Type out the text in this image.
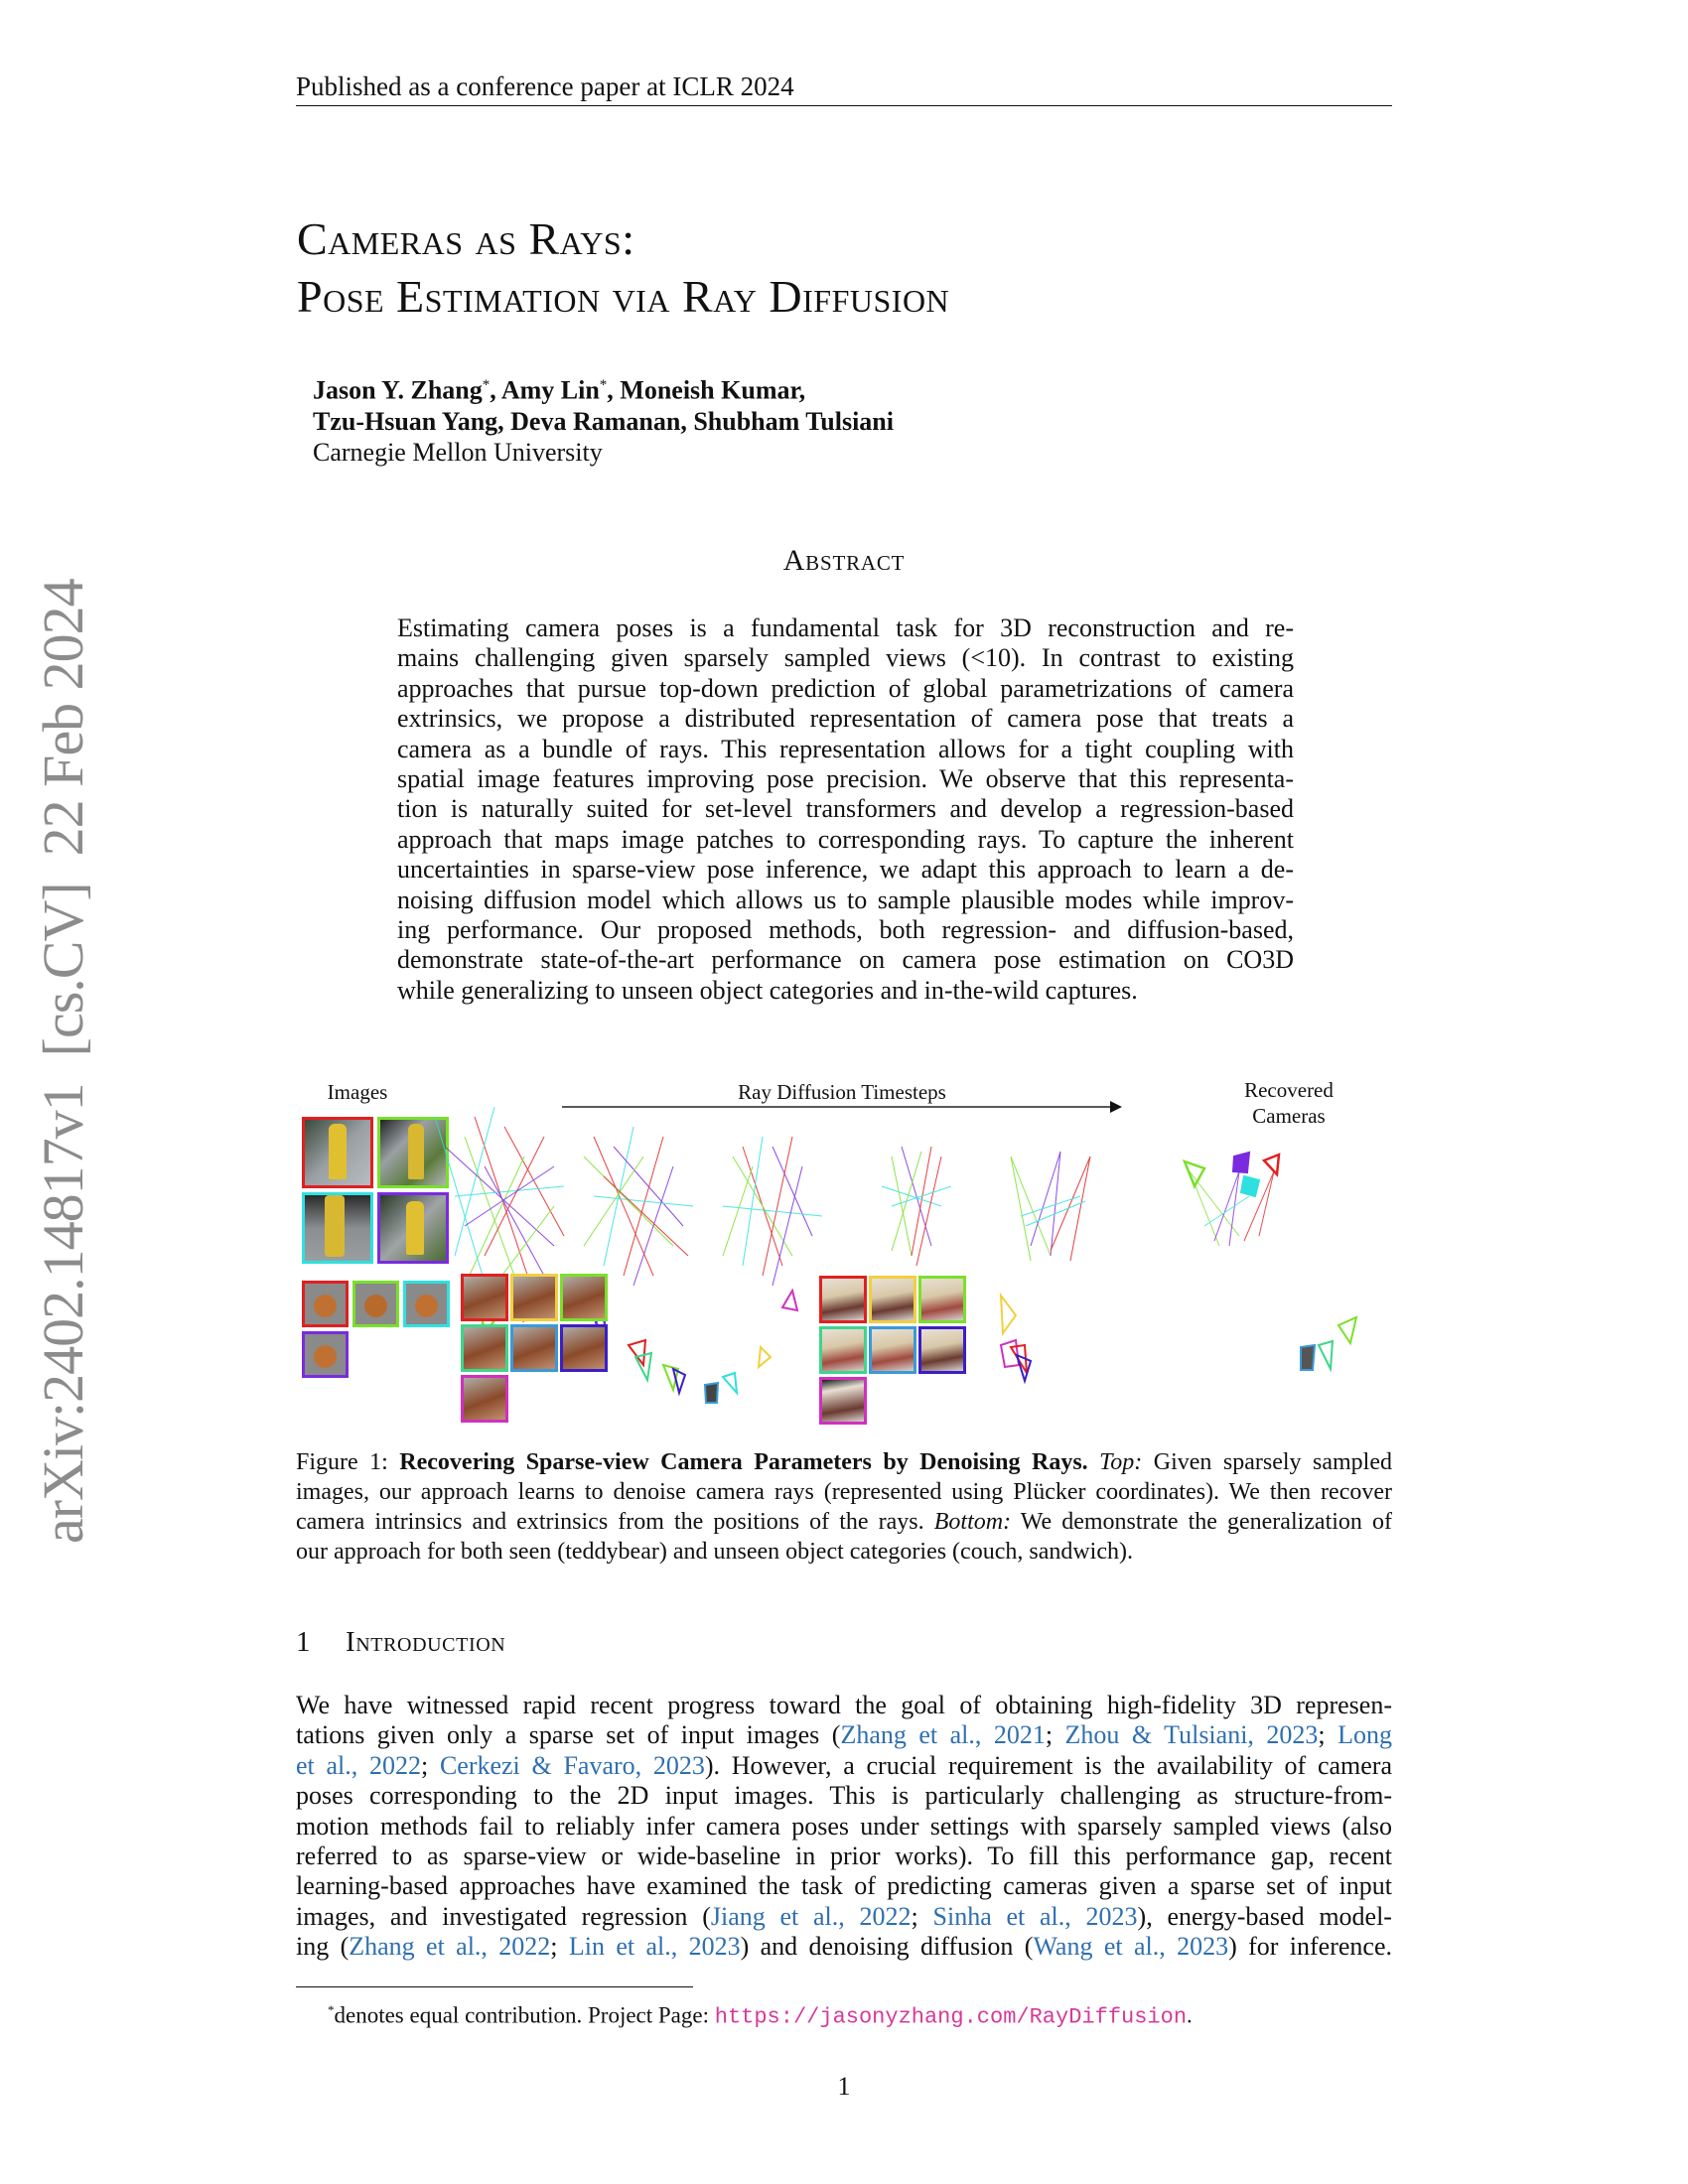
Published as a conference paper at ICLR 2024
arXiv:2402.14817v1  [cs.CV]  22 Feb 2024
Cameras as Rays:
Pose Estimation via Ray Diffusion
Jason Y. Zhang*, Amy Lin*, Moneish Kumar,
Tzu-Hsuan Yang, Deva Ramanan, Shubham Tulsiani
Carnegie Mellon University
Abstract
Estimating camera poses is a fundamental task for 3D reconstruction and re-
mains challenging given sparsely sampled views (<10). In contrast to existing
approaches that pursue top-down prediction of global parametrizations of camera
extrinsics, we propose a distributed representation of camera pose that treats a
camera as a bundle of rays. This representation allows for a tight coupling with
spatial image features improving pose precision. We observe that this representa-
tion is naturally suited for set-level transformers and develop a regression-based
approach that maps image patches to corresponding rays. To capture the inherent
uncertainties in sparse-view pose inference, we adapt this approach to learn a de-
noising diffusion model which allows us to sample plausible modes while improv-
ing performance. Our proposed methods, both regression- and diffusion-based,
demonstrate state-of-the-art performance on camera pose estimation on CO3D
while generalizing to unseen object categories and in-the-wild captures.
Images	Ray Diffusion Timesteps	Recovered
Cameras
Figure 1: Recovering Sparse-view Camera Parameters by Denoising Rays. Top: Given sparsely sampled
images, our approach learns to denoise camera rays (represented using Plücker coordinates). We then recover
camera intrinsics and extrinsics from the positions of the rays. Bottom: We demonstrate the generalization of
our approach for both seen (teddybear) and unseen object categories (couch, sandwich).
1 Introduction
We have witnessed rapid recent progress toward the goal of obtaining high-fidelity 3D represen-
tations given only a sparse set of input images (Zhang et al., 2021; Zhou & Tulsiani, 2023; Long
et al., 2022; Cerkezi & Favaro, 2023). However, a crucial requirement is the availability of camera
poses corresponding to the 2D input images. This is particularly challenging as structure-from-
motion methods fail to reliably infer camera poses under settings with sparsely sampled views (also
referred to as sparse-view or wide-baseline in prior works). To fill this performance gap, recent
learning-based approaches have examined the task of predicting cameras given a sparse set of input
images, and investigated regression (Jiang et al., 2022; Sinha et al., 2023), energy-based model-
ing (Zhang et al., 2022; Lin et al., 2023) and denoising diffusion (Wang et al., 2023) for inference.
*denotes equal contribution. Project Page: https://jasonyzhang.com/RayDiffusion.
1
